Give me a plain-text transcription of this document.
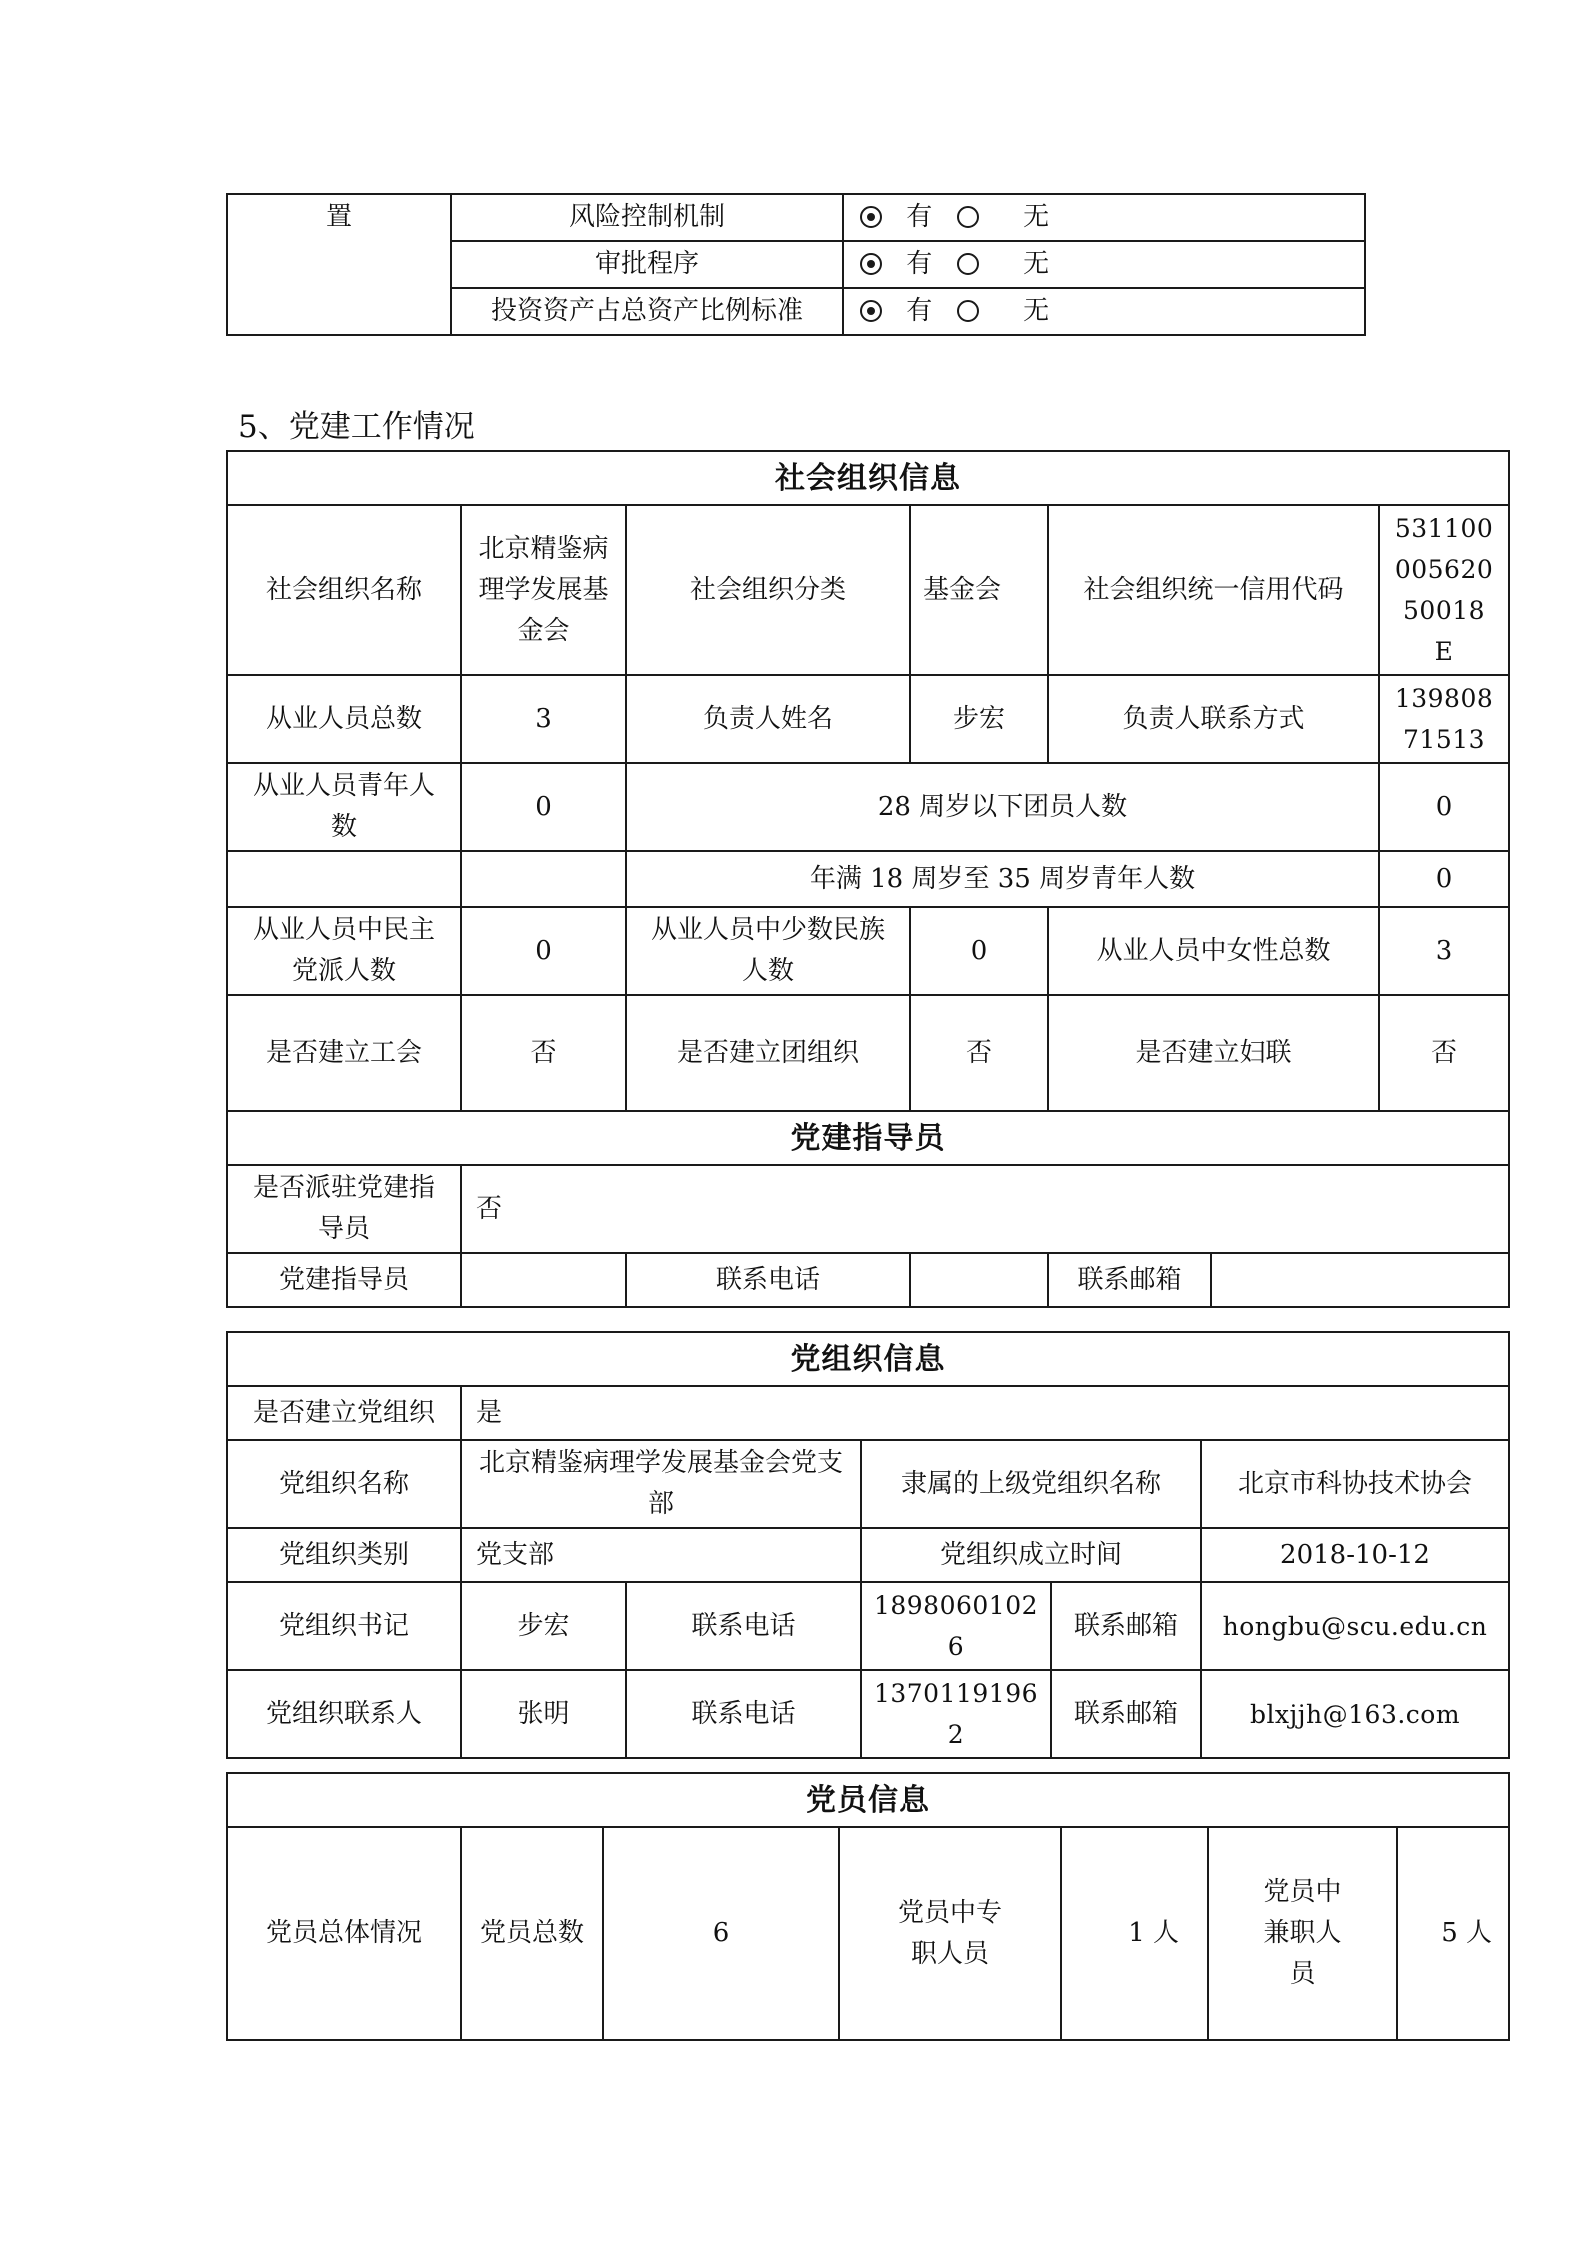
置	风险控制机制	有 无
	审批程序	有 无
	投资资产占总资产比例标准	有 无
5、党建工作情况
社会组织信息						
社会组织名称	北京精鉴病理学发展基金会	社会组织分类	基金会	社会组织统一信用代码		53110000562050018E
从业人员总数	3	负责人姓名	步宏	负责人联系方式		13980871513
从业人员青年人数	0	28 周岁以下团员人数				0
		年满 18 周岁至 35 周岁青年人数				0
从业人员中民主党派人数	0	从业人员中少数民族人数	0	从业人员中女性总数		3
是否建立工会	否	是否建立团组织	否	是否建立妇联		否
党建指导员						
是否派驻党建指导员	否					
党建指导员		联系电话		联系邮箱		
党组织信息					
是否建立党组织	是				
党组织名称	北京精鉴病理学发展基金会党支部		隶属的上级党组织名称		北京市科协技术协会
党组织类别	党支部		党组织成立时间		2018-10-12
党组织书记	步宏	联系电话	18980601026	联系邮箱	hongbu@scu.edu.cn
党组织联系人	张明	联系电话	13701191962	联系邮箱	blxjjh@163.com
党员信息
党员总体情况	党员总数	6	党员中专职人员	1 人	党员中兼职人员	5 人
